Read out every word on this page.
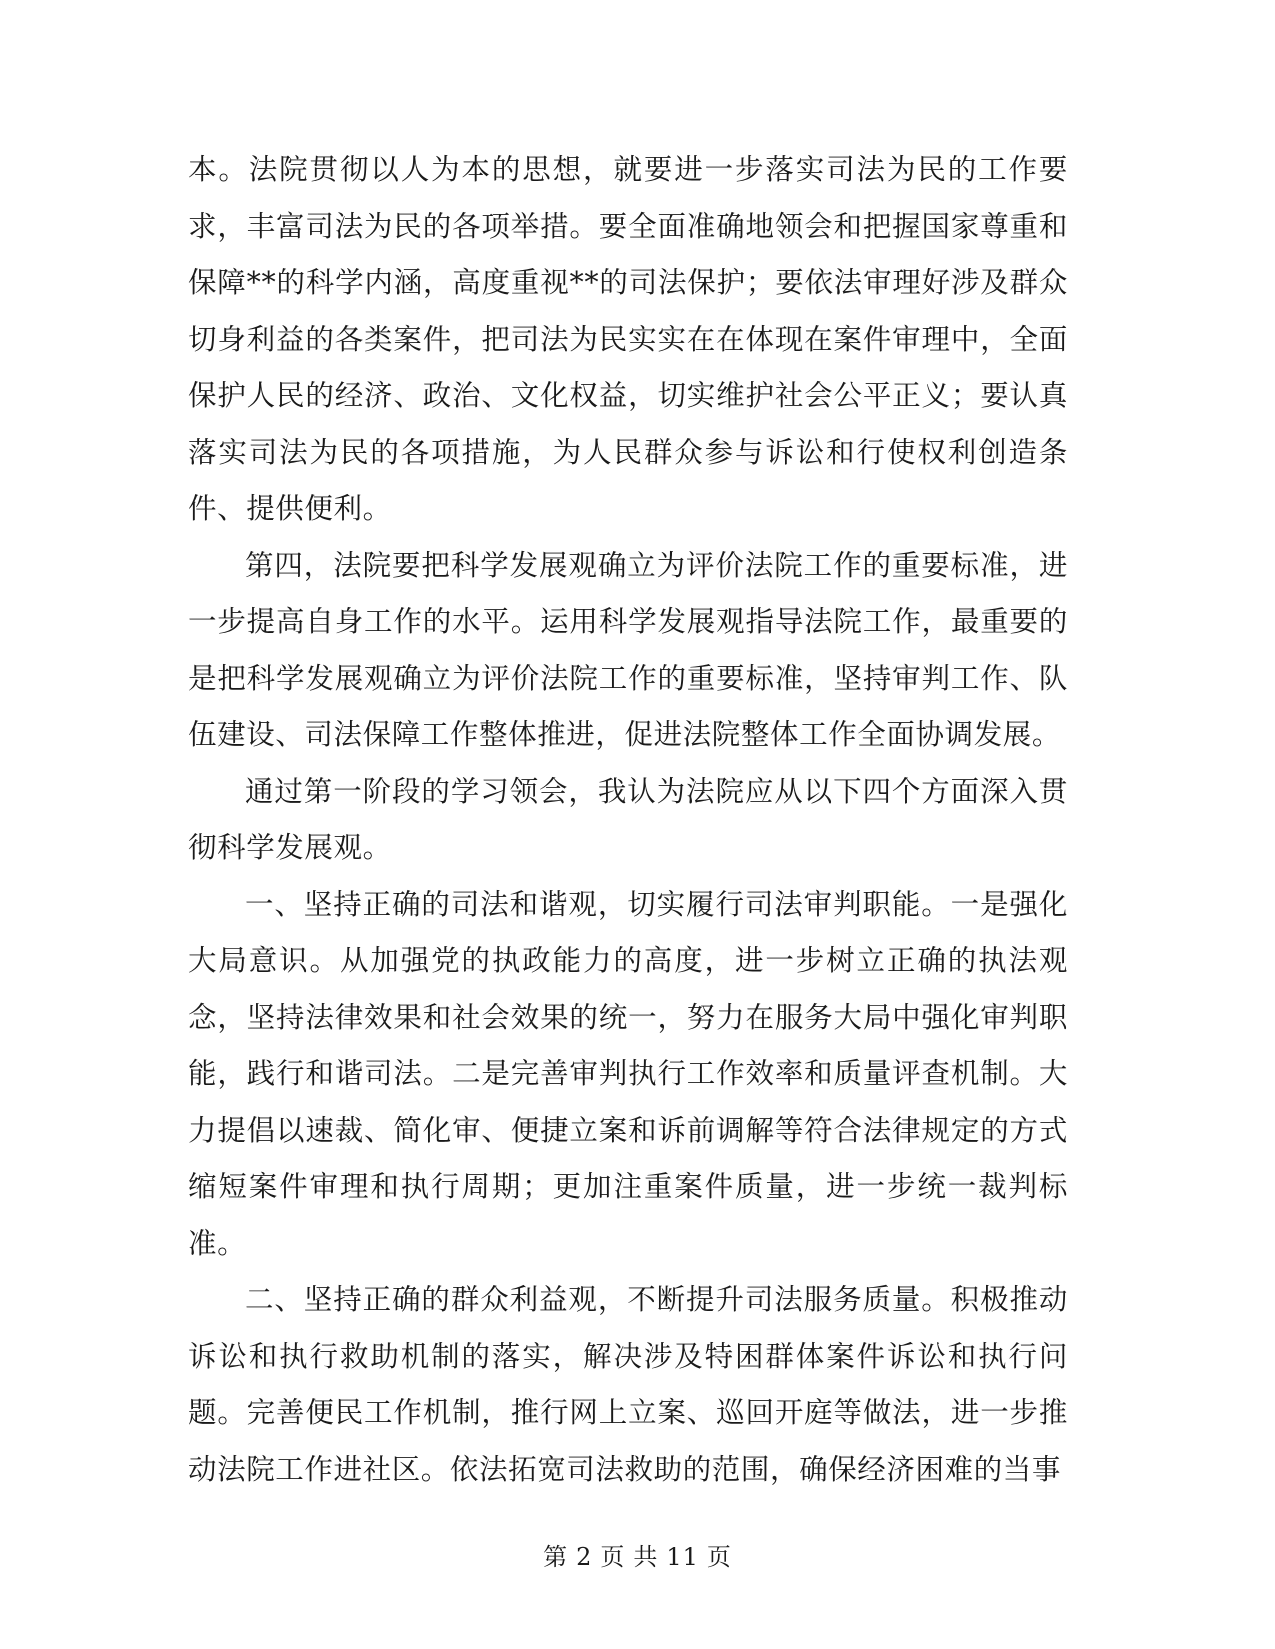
本。法院贯彻以人为本的思想，就要进一步落实司法为民的工作要求，丰富司法为民的各项举措。要全面准确地领会和把握国家尊重和保障**的科学内涵，高度重视**的司法保护；要依法审理好涉及群众切身利益的各类案件，把司法为民实实在在体现在案件审理中，全面保护人民的经济、政治、文化权益，切实维护社会公平正义；要认真落实司法为民的各项措施，为人民群众参与诉讼和行使权利创造条件、提供便利。

第四，法院要把科学发展观确立为评价法院工作的重要标准，进一步提高自身工作的水平。运用科学发展观指导法院工作，最重要的是把科学发展观确立为评价法院工作的重要标准，坚持审判工作、队伍建设、司法保障工作整体推进，促进法院整体工作全面协调发展。

通过第一阶段的学习领会，我认为法院应从以下四个方面深入贯彻科学发展观。

一、坚持正确的司法和谐观，切实履行司法审判职能。一是强化大局意识。从加强党的执政能力的高度，进一步树立正确的执法观念，坚持法律效果和社会效果的统一，努力在服务大局中强化审判职能，践行和谐司法。二是完善审判执行工作效率和质量评查机制。大力提倡以速裁、简化审、便捷立案和诉前调解等符合法律规定的方式缩短案件审理和执行周期；更加注重案件质量，进一步统一裁判标准。

二、坚持正确的群众利益观，不断提升司法服务质量。积极推动诉讼和执行救助机制的落实，解决涉及特困群体案件诉讼和执行问题。完善便民工作机制，推行网上立案、巡回开庭等做法，进一步推动法院工作进社区。依法拓宽司法救助的范围，确保经济困难的当事

第 2 页 共 11 页
